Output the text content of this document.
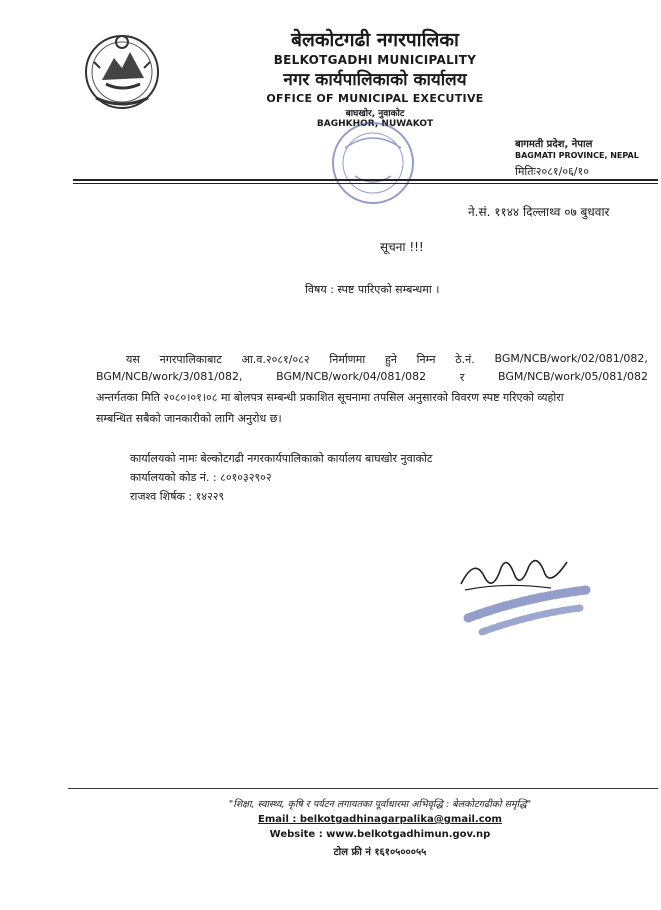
बेलकोटगढी नगरपालिका
BELKOTGADHI MUNICIPALITY
नगर कार्यपालिकाको कार्यालय
OFFICE OF MUNICIPAL EXECUTIVE
बाघखोर, नुवाकोट
BAGHKHOR, NUWAKOT
बागमती प्रदेश, नेपाल
BAGMATI PROVINCE, NEPAL
मितिः२०८१/०६/१०
ने.सं. ११४४ दिल्लाथ्व ०७ बुधवार
सूचना !!!
विषय : स्पष्ट पारिएको सम्बन्धमा ।
यस नगरपालिकाबाट आ.व.२०८१/०८२ निर्माणमा हुने निम्न ठे.नं. BGM/NCB/work/02/081/082,
BGM/NCB/work/3/081/082,	BGM/NCB/work/04/081/082	र	BGM/NCB/work/05/081/082
अन्तर्गतका मिति २०८०।०१।०८ मा बोलपत्र सम्बन्धी प्रकाशित सूचनामा तपसिल अनुसारको विवरण स्पष्ट गरिएको व्यहोरा
सम्बन्धित सबैको जानकारीको लागि अनुरोध छ।
कार्यालयको नामः बेल्कोटगढी नगरकार्यपालिकाको कार्यालय बाघखोर नुवाकोट
कार्यालयको कोड नं. : ८०१०३२९०२
राजश्व शिर्षक : १४२२९
"शिक्षा, स्वास्थ्य, कृषि र पर्यटन लगायतका पूर्वाधारमा अभिवृद्धि : बेलकोटगढीको समृद्धि"
Email : belkotgadhinagarpalika@gmail.com
Website : www.belkotgadhimun.gov.np
टोल फ्री नं १६१०५०००५५
